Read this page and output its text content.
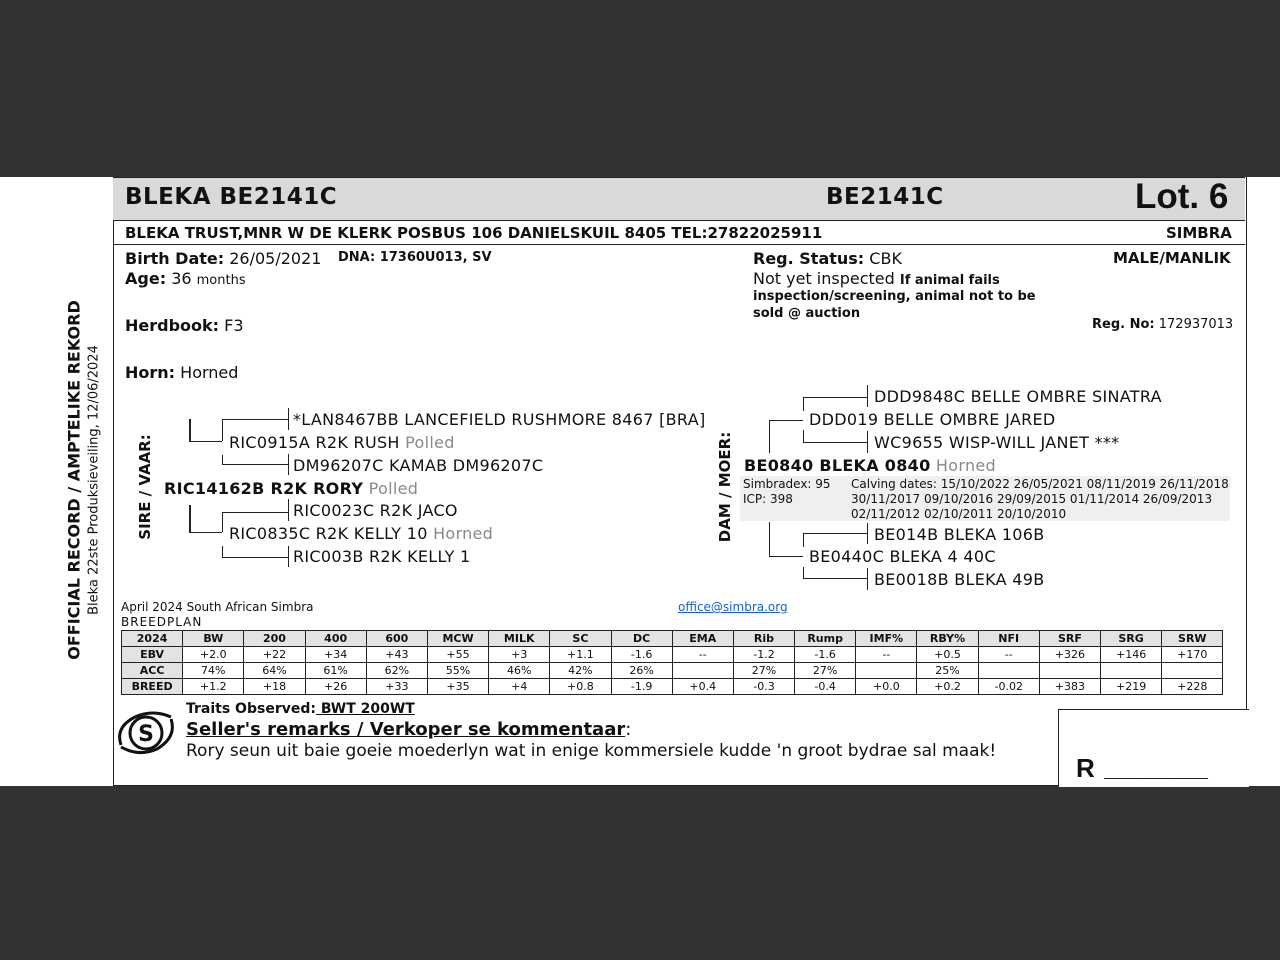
OFFICIAL RECORD / AMPTELIKE REKORD Bleka 22ste Produksieveiling, 12/06/2024
BLEKA BE2141C	BE2141C	Lot. 6
BLEKA TRUST,MNR W DE KLERK POSBUS 106 DANIELSKUIL 8405 TEL:27822025911	SIMBRA
Birth Date: 26/05/2021 DNA: 17360U013, SV
Age: 36 months
Herdbook: F3
Horn: Horned
Reg. Status: CBK
Not yet inspected If animal fails
inspection/screening, animal not to be
sold @ auction
MALE/MANLIK
Reg. No: 172937013
SIRE / VAAR:
*LAN8467BB LANCEFIELD RUSHMORE 8467 [BRA]
RIC0915A R2K RUSH Polled
DM96207C KAMAB DM96207C
RIC14162B R2K RORY Polled
RIC0023C R2K JACO
RIC0835C R2K KELLY 10 Horned
RIC003B R2K KELLY 1
DAM / MOER:
DDD9848C BELLE OMBRE SINATRA
DDD019 BELLE OMBRE JARED
WC9655 WISP-WILL JANET ***
BE0840 BLEKA 0840 Horned
Simbradex: 95
ICP: 398
Calving dates: 15/10/2022 26/05/2021 08/11/2019 26/11/2018
30/11/2017 09/10/2016 29/09/2015 01/11/2014 26/09/2013
02/11/2012 02/10/2011 20/10/2010
BE014B BLEKA 106B
BE0440C BLEKA 4 40C
BE0018B BLEKA 49B
April 2024 South African Simbra
BREEDPLAN
office@simbra.org
2024	BW	200	400	600	MCW	MILK	SC	DC	EMA	Rib	Rump	IMF%	RBY%	NFI	SRF	SRG	SRW
EBV	+2.0	+22	+34	+43	+55	+3	+1.1	-1.6	--	-1.2	-1.6	--	+0.5	--	+326	+146	+170
ACC	74%	64%	61%	62%	55%	46%	42%	26%		27%	27%		25%				
BREED	+1.2	+18	+26	+33	+35	+4	+0.8	-1.9	+0.4	-0.3	-0.4	+0.0	+0.2	-0.02	+383	+219	+228
S
Traits Observed: BWT 200WT
Seller's remarks / Verkoper se kommentaar:
Rory seun uit baie goeie moederlyn wat in enige kommersiele kudde 'n groot bydrae sal maak!
R ________________
